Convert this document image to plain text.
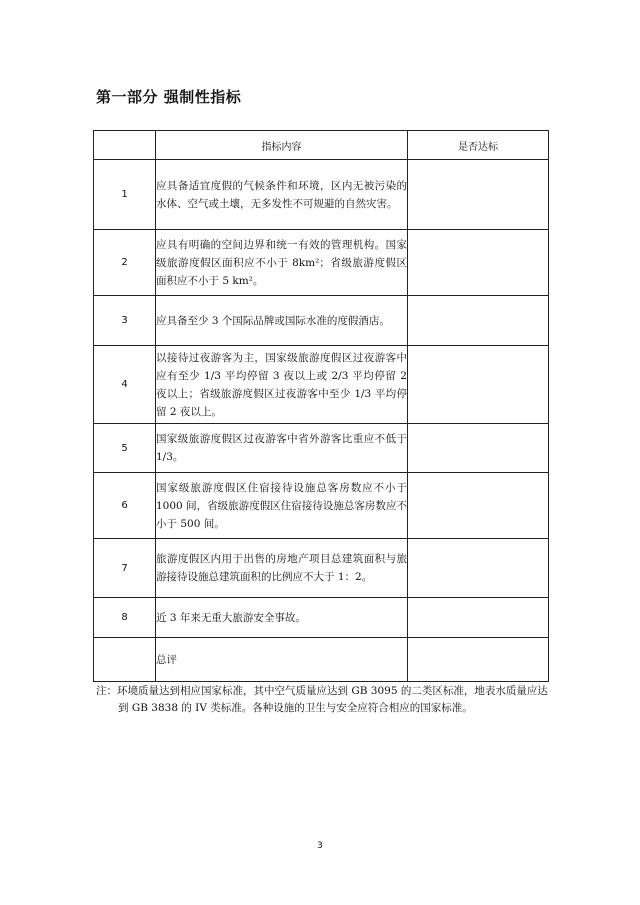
第一部分 强制性指标
	指标内容	是否达标
1	应具备适宜度假的气候条件和环境，区内无被污染的水体、空气或土壤，无多发性不可规避的自然灾害。	
2	应具有明确的空间边界和统一有效的管理机构。国家级旅游度假区面积应不小于 8km²；省级旅游度假区面积应不小于 5 km²。	
3	应具备至少 3 个国际品牌或国际水准的度假酒店。	
4	以接待过夜游客为主，国家级旅游度假区过夜游客中应有至少 1/3 平均停留 3 夜以上或 2/3 平均停留 2 夜以上；省级旅游度假区过夜游客中至少 1/3 平均停留 2 夜以上。	
5	国家级旅游度假区过夜游客中省外游客比重应不低于 1/3。	
6	国家级旅游度假区住宿接待设施总客房数应不小于 1000 间，省级旅游度假区住宿接待设施总客房数应不小于 500 间。	
7	旅游度假区内用于出售的房地产项目总建筑面积与旅游接待设施总建筑面积的比例应不大于 1：2。	
8	近 3 年来无重大旅游安全事故。	
	总评	
注：环境质量达到相应国家标准，其中空气质量应达到 GB 3095 的二类区标准，地表水质量应达
到 GB 3838 的 IV 类标准。各种设施的卫生与安全应符合相应的国家标准。
3
